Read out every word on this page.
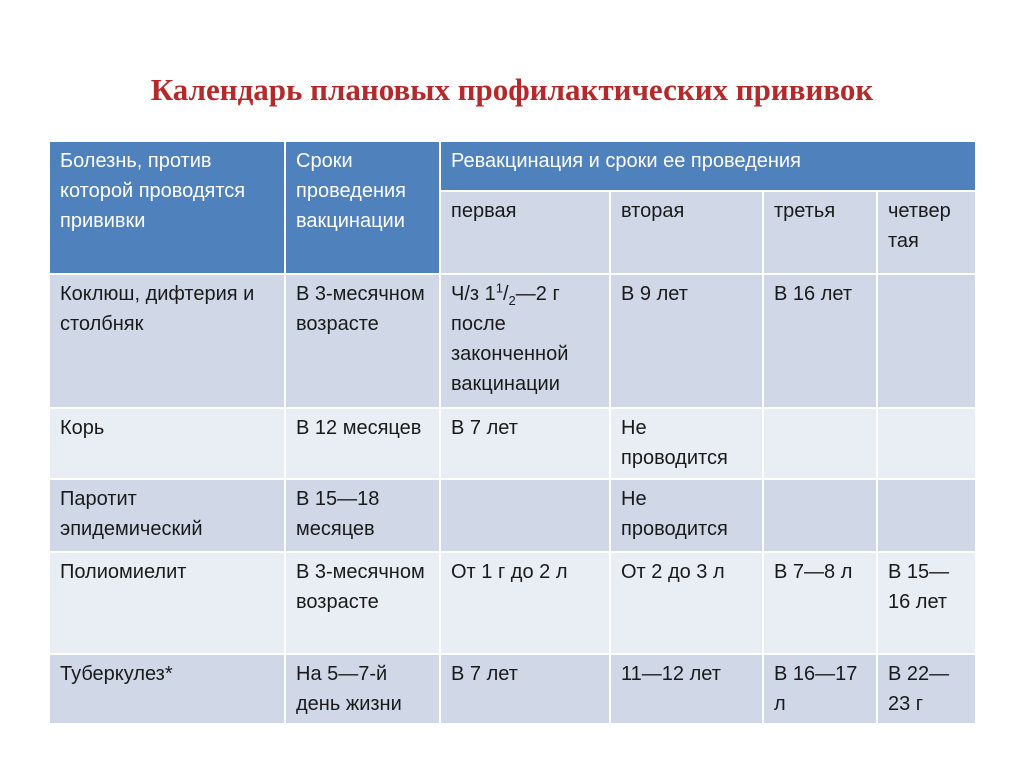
Календарь плановых профилактических прививок
Болезнь, против которой проводятся прививки	Сроки проведения вакцинации	Ревакцинация и сроки ее проведения			
		первая	вторая	третья	четвер тая
Коклюш, дифтерия и столбняк	В 3-месячном возрасте	Ч/з $1^1/_2—2$ г после законченной вакцинации	В 9 лет	В 16 лет	
Корь	В 12 месяцев	В 7 лет	Не проводится		
Паротит эпидемический	В 15—18 месяцев		Не проводится		
Полиомиелит	В 3-месячном возрасте	От 1 г до 2 л	От 2 до 3 л	В 7—8 л	В 15—16 лет
Туберкулез*	На 5—7-й день жизни	В 7 лет	11—12 лет	В 16—17 л	В 22—23 г
